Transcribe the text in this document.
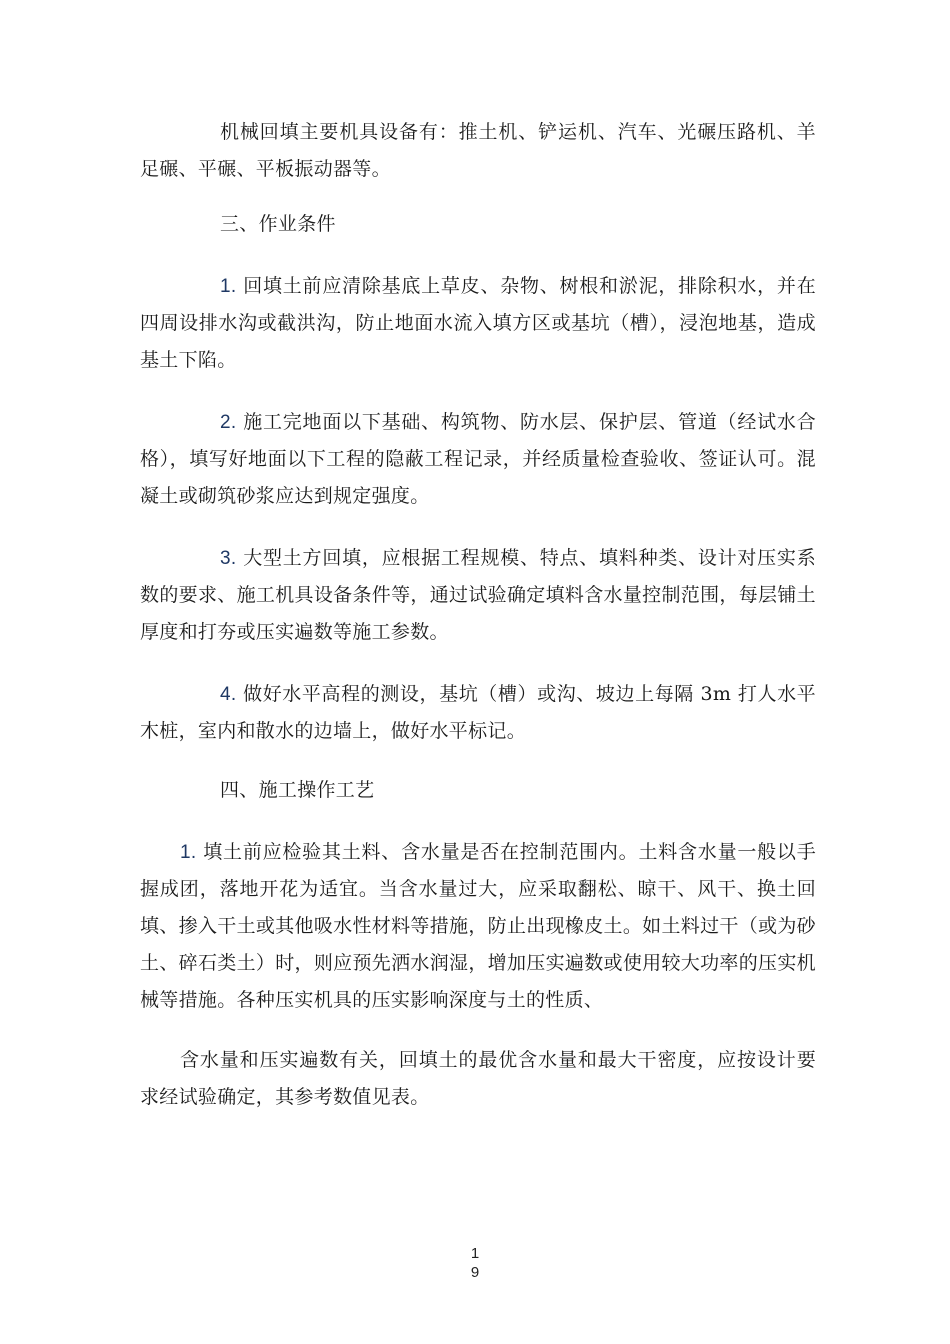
机械回填主要机具设备有：推土机、铲运机、汽车、光碾压路机、羊足碾、平碾、平板振动器等。

三、作业条件

1. 回填土前应清除基底上草皮、杂物、树根和淤泥，排除积水，并在四周设排水沟或截洪沟，防止地面水流入填方区或基坑（槽），浸泡地基，造成基土下陷。

2. 施工完地面以下基础、构筑物、防水层、保护层、管道（经试水合格），填写好地面以下工程的隐蔽工程记录，并经质量检查验收、签证认可。混凝土或砌筑砂浆应达到规定强度。

3. 大型土方回填，应根据工程规模、特点、填料种类、设计对压实系数的要求、施工机具设备条件等，通过试验确定填料含水量控制范围，每层铺土厚度和打夯或压实遍数等施工参数。

4. 做好水平高程的测设，基坑（槽）或沟、坡边上每隔 3m 打人水平木桩，室内和散水的边墙上，做好水平标记。

四、施工操作工艺

1. 填土前应检验其土料、含水量是否在控制范围内。土料含水量一般以手握成团，落地开花为适宜。当含水量过大，应采取翻松、晾干、风干、换土回填、掺入干土或其他吸水性材料等措施，防止出现橡皮土。如土料过干（或为砂土、碎石类土）时，则应预先洒水润湿，增加压实遍数或使用较大功率的压实机械等措施。各种压实机具的压实影响深度与土的性质、

含水量和压实遍数有关，回填土的最优含水量和最大干密度，应按设计要求经试验确定，其参考数值见表。

1
9
